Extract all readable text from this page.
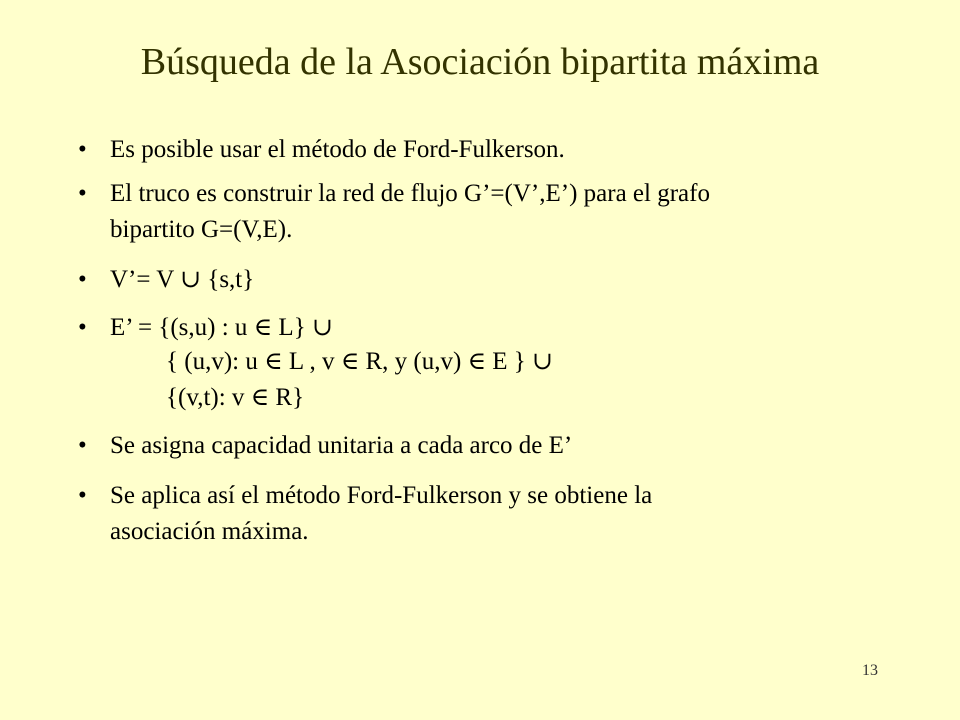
Búsqueda de la Asociación bipartita máxima
• Es posible usar el método de Ford-Fulkerson.
• El truco es construir la red de flujo G’=(V’,E’) para el grafo
bipartito G=(V,E).
• V’= V ∪ {s,t}
• E’ = {(s,u) : u ∈ L} ∪
{ (u,v): u ∈ L , v ∈ R, y (u,v) ∈ E } ∪
{(v,t): v ∈ R}
• Se asigna capacidad unitaria a cada arco de E’
• Se aplica así el método Ford-Fulkerson y se obtiene la
asociación máxima.
13
